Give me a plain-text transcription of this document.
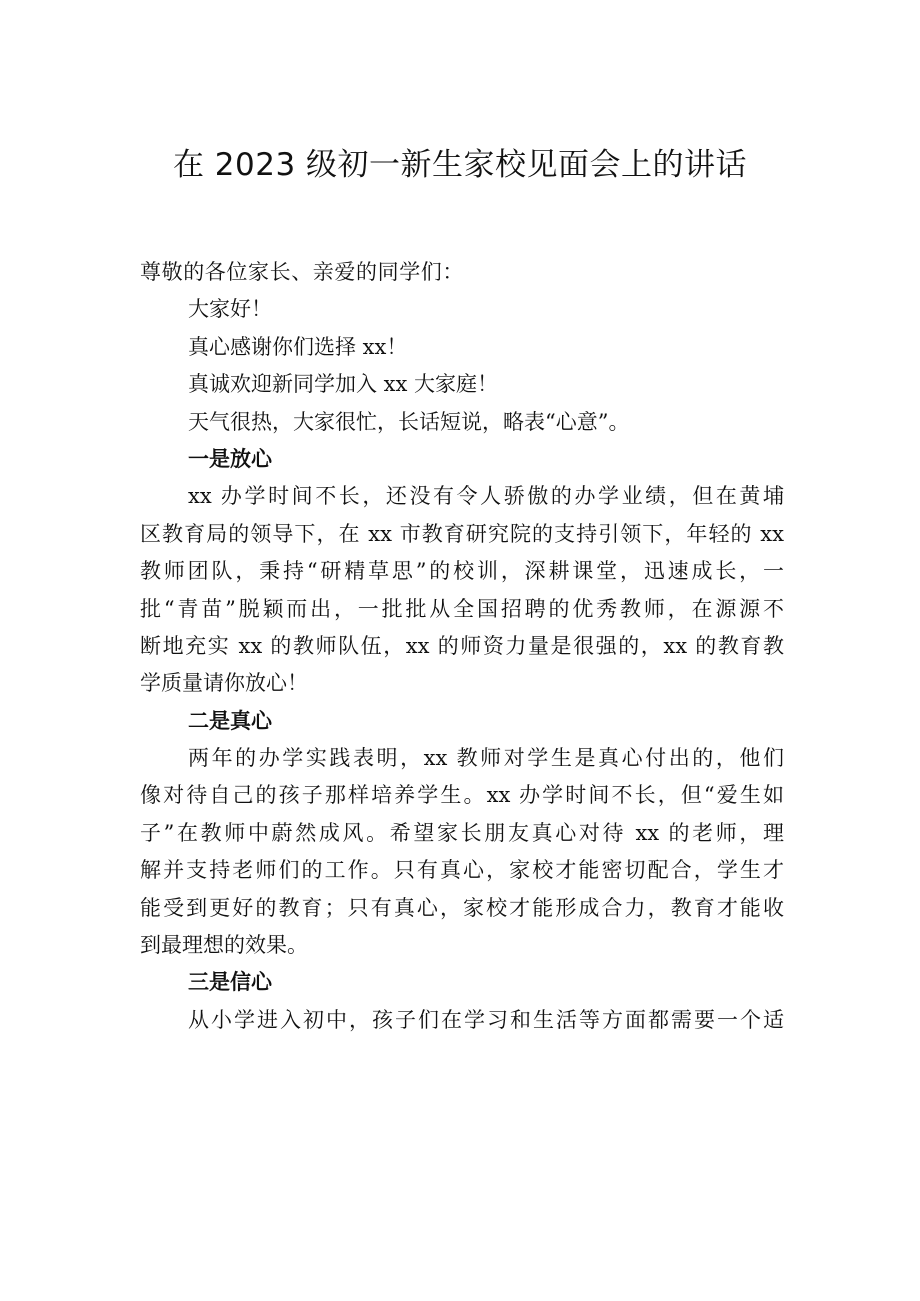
在 2023 级初一新生家校见面会上的讲话

尊敬的各位家长、亲爱的同学们：

大家好！

真心感谢你们选择 xx！

真诚欢迎新同学加入 xx 大家庭！

天气很热，大家很忙，长话短说，略表“心意”。

一是放心

xx 办学时间不长，还没有令人骄傲的办学业绩，但在黄埔

区教育局的领导下，在 xx 市教育研究院的支持引领下，年轻的 xx

教师团队，秉持“研精草思”的校训，深耕课堂，迅速成长，一

批“青苗”脱颖而出，一批批从全国招聘的优秀教师，在源源不

断地充实 xx 的教师队伍，xx 的师资力量是很强的，xx 的教育教

学质量请你放心！

二是真心

两年的办学实践表明，xx 教师对学生是真心付出的，他们

像对待自己的孩子那样培养学生。xx 办学时间不长，但“爱生如

子”在教师中蔚然成风。希望家长朋友真心对待 xx 的老师，理

解并支持老师们的工作。只有真心，家校才能密切配合，学生才

能受到更好的教育；只有真心，家校才能形成合力，教育才能收

到最理想的效果。

三是信心

从小学进入初中，孩子们在学习和生活等方面都需要一个适
